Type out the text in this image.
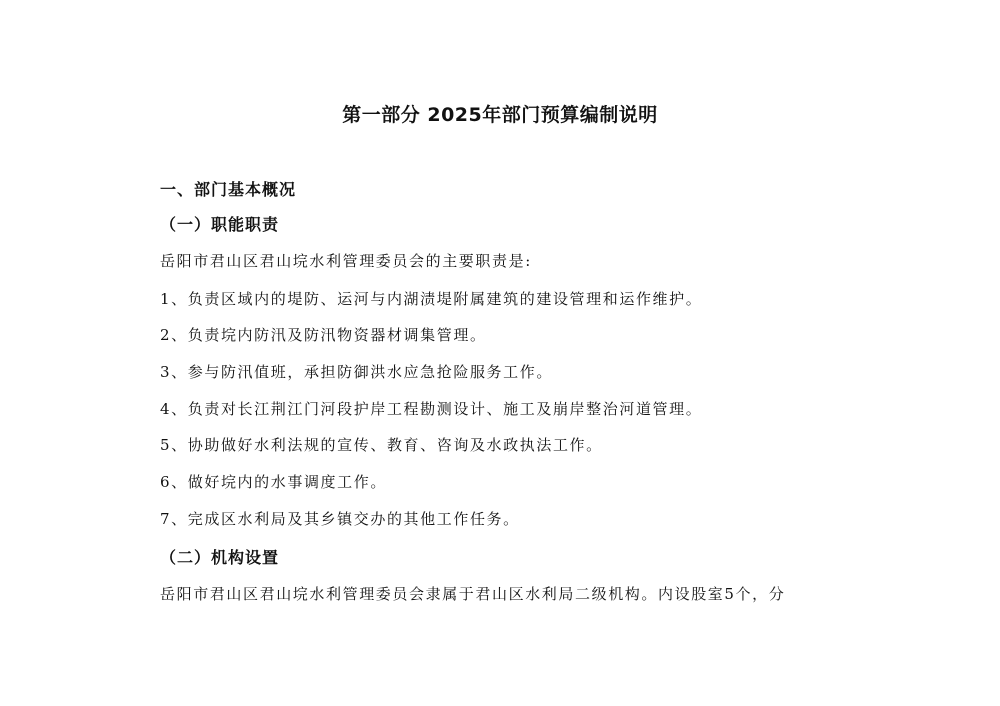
第一部分 2025年部门预算编制说明
一、部门基本概况
（一）职能职责
岳阳市君山区君山垸水利管理委员会的主要职责是:
1、负责区域内的堤防、运河与内湖渍堤附属建筑的建设管理和运作维护。
2、负责垸内防汛及防汛物资器材调集管理。
3、参与防汛值班，承担防御洪水应急抢险服务工作。
4、负责对长江荆江门河段护岸工程勘测设计、施工及崩岸整治河道管理。
5、协助做好水利法规的宣传、教育、咨询及水政执法工作。
6、做好垸内的水事调度工作。
7、完成区水利局及其乡镇交办的其他工作任务。
（二）机构设置
岳阳市君山区君山垸水利管理委员会隶属于君山区水利局二级机构。内设股室5个，分
